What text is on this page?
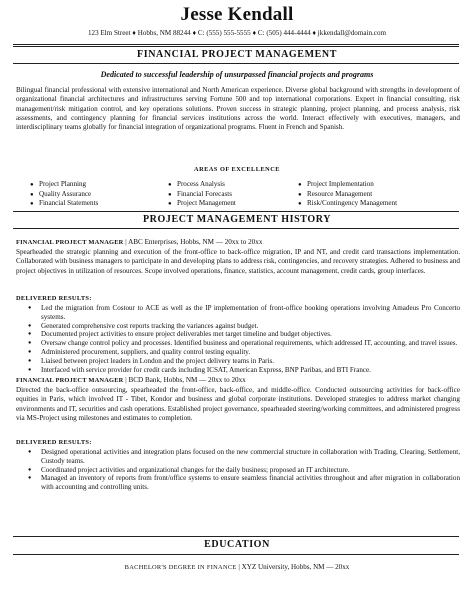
Jesse Kendall
123 Elm Street ♦ Hobbs, NM 88244 ♦ C: (555) 555-5555 ♦ C: (505) 444-4444 ♦ jkkendall@domain.com
FINANCIAL PROJECT MANAGEMENT
Dedicated to successful leadership of unsurpassed financial projects and programs
Bilingual financial professional with extensive international and North American experience. Diverse global background with strengths in development of organizational financial architectures and infrastructures serving Fortune 500 and top international corporations. Expert in financial consulting, risk management/risk mitigation control, and key operations solutions. Proven success in strategic planning, project planning, and process analysis, risk assessments, and contingency planning for financial services institutions across the world. Interact effectively with executives, managers, and interdisciplinary teams globally for financial integration of organizational programs. Fluent in French and Spanish.
AREAS OF EXCELLENCE
● Project Planning	● Process Analysis	● Project Implementation
● Quality Assurance	● Financial Forecasts	● Resource Management
● Financial Statements	● Project Management	● Risk/Contingency Management
PROJECT MANAGEMENT HISTORY
FINANCIAL PROJECT MANAGER | ABC Enterprises, Hobbs, NM — 20xx to 20xx
Spearheaded the strategic planning and execution of the front-office to back-office migration, IP and NT, and credit card transactions implementation. Collaborated with business managers to participate in and developing plans to address risk, contingencies, and recovery strategies. Adhered to business and project objectives in utilization of resources. Scope involved operations, finance, statistics, account management, credit cards, group interfaces.
DELIVERED RESULTS:
● Led the migration from Costour to ACE as well as the IP implementation of front-office booking operations involving Amadeus Pro Concerto systems.
● Generated comprehensive cost reports tracking the variances against budget.
● Documented project activities to ensure project deliverables met target timeline and budget objectives.
● Oversaw change control policy and processes. Identified business and operational requirements, which addressed IT, accounting, and travel issues.
● Administered procurement, suppliers, and quality control testing equality.
● Liaised between project leaders in London and the project delivery teams in Paris.
● Interfaced with service provider for credit cards including ICSAT, American Express, BNP Paribas, and BTI France.
FINANCIAL PROJECT MANAGER | BCD Bank, Hobbs, NM — 20xx to 20xx
Directed the back-office outsourcing, spearheaded the front-office, back-office, and middle-office. Conducted outsourcing activities for back-office equities in Paris, which involved IT - Tibet, Kondor and business and global corporate institutions. Developed strategies to address market changing environments and IT, securities and cash operations. Established project governance, spearheaded steering/working committees, and administered progress via MS-Project using milestones and estimates to completion.
DELIVERED RESULTS:
● Designed operational activities and integration plans focused on the new commercial structure in collaboration with Trading, Clearing, Settlement, Custody teams.
● Coordinated project activities and organizational changes for the daily business; proposed an IT architecture.
● Managed an inventory of reports from front/office systems to ensure seamless financial activities throughout and after migration in collaboration with accounting and controlling units.
EDUCATION
BACHELOR'S DEGREE IN FINANCE | XYZ University, Hobbs, NM — 20xx
